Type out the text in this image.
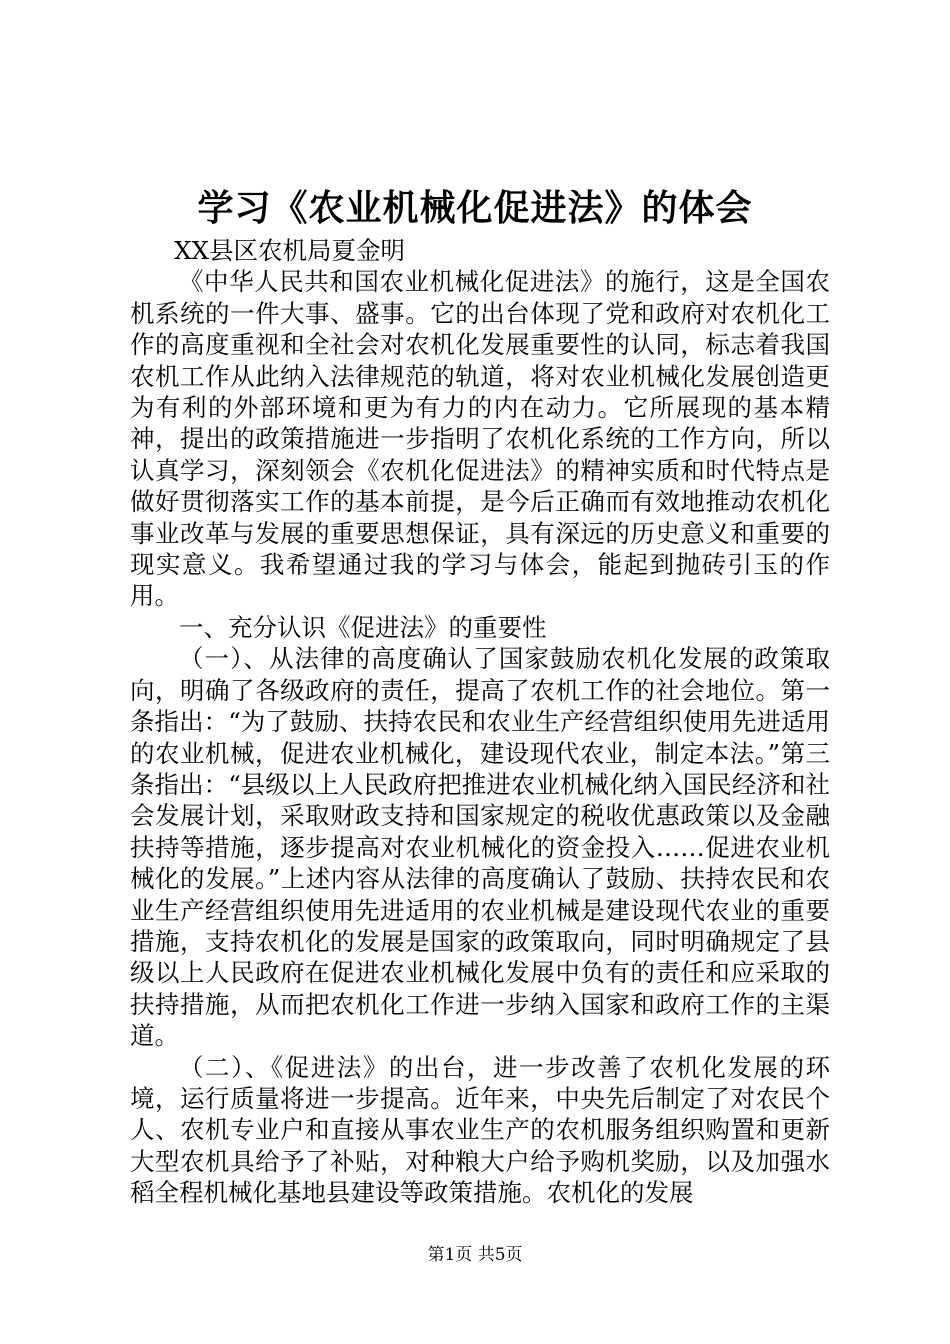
学习《农业机械化促进法》的体会

XX县区农机局夏金明

《中华人民共和国农业机械化促进法》的施行，这是全国农机系统的一件大事、盛事。它的出台体现了党和政府对农机化工作的高度重视和全社会对农机化发展重要性的认同，标志着我国农机工作从此纳入法律规范的轨道，将对农业机械化发展创造更为有利的外部环境和更为有力的内在动力。它所展现的基本精神，提出的政策措施进一步指明了农机化系统的工作方向，所以认真学习，深刻领会《农机化促进法》的精神实质和时代特点是做好贯彻落实工作的基本前提，是今后正确而有效地推动农机化事业改革与发展的重要思想保证，具有深远的历史意义和重要的现实意义。我希望通过我的学习与体会，能起到抛砖引玉的作用。

一、充分认识《促进法》的重要性

（一）、从法律的高度确认了国家鼓励农机化发展的政策取向，明确了各级政府的责任，提高了农机工作的社会地位。第一条指出：“为了鼓励、扶持农民和农业生产经营组织使用先进适用的农业机械，促进农业机械化，建设现代农业，制定本法。”第三条指出：“县级以上人民政府把推进农业机械化纳入国民经济和社会发展计划，采取财政支持和国家规定的税收优惠政策以及金融扶持等措施，逐步提高对农业机械化的资金投入……促进农业机械化的发展。”上述内容从法律的高度确认了鼓励、扶持农民和农业生产经营组织使用先进适用的农业机械是建设现代农业的重要措施，支持农机化的发展是国家的政策取向，同时明确规定了县级以上人民政府在促进农业机械化发展中负有的责任和应采取的扶持措施，从而把农机化工作进一步纳入国家和政府工作的主渠道。

（二）、《促进法》的出台，进一步改善了农机化发展的环境，运行质量将进一步提高。近年来，中央先后制定了对农民个人、农机专业户和直接从事农业生产的农机服务组织购置和更新大型农机具给予了补贴，对种粮大户给予购机奖励，以及加强水稻全程机械化基地县建设等政策措施。农机化的发展

第1页 共5页
